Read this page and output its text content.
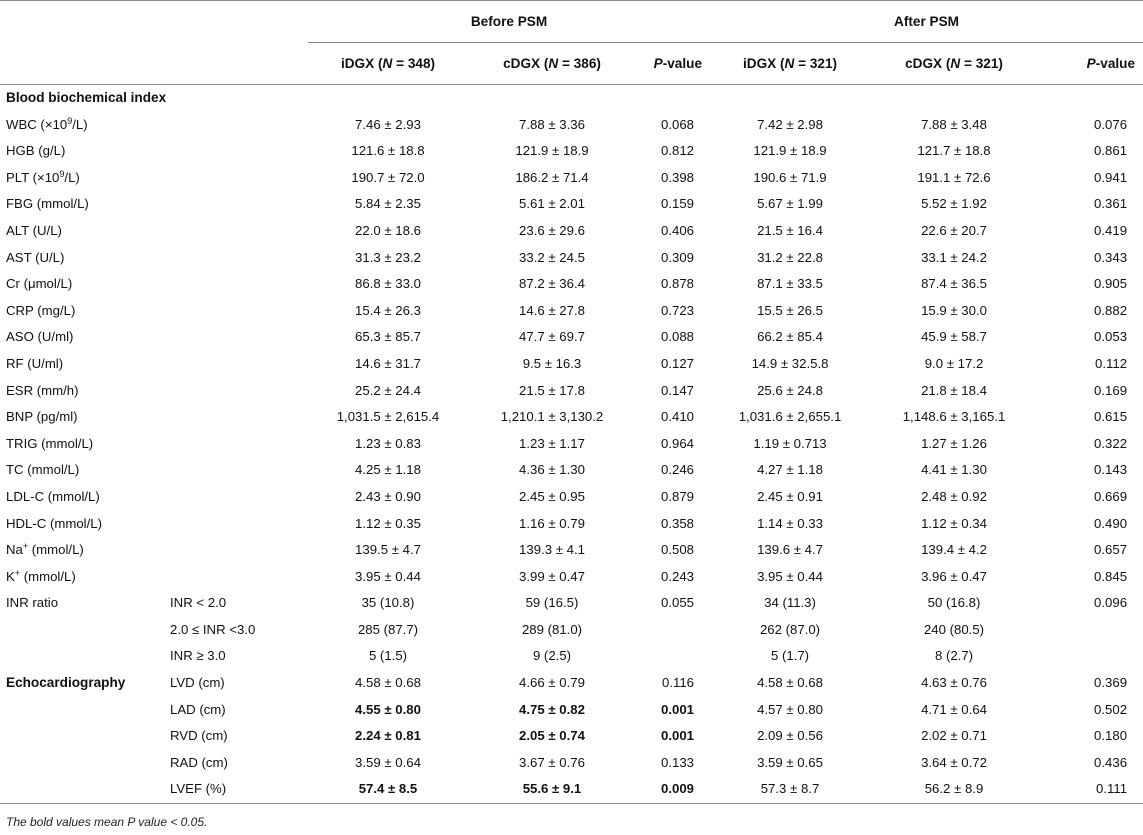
		Before PSM			After PSM		
		iDGX (N = 348)	cDGX (N = 386)	P-value	iDGX (N = 321)	cDGX (N = 321)	P-value
Blood biochemical index							
WBC $(\times 10^9/L)$		7.46 ± 2.93	7.88 ± 3.36	0.068	7.42 ± 2.98	7.88 ± 3.48	0.076
HGB (g/L)		121.6 ± 18.8	121.9 ± 18.9	0.812	121.9 ± 18.9	121.7 ± 18.8	0.861
PLT $(\times 10^9/L)$		190.7 ± 72.0	186.2 ± 71.4	0.398	190.6 ± 71.9	191.1 ± 72.6	0.941
FBG (mmol/L)		5.84 ± 2.35	5.61 ± 2.01	0.159	5.67 ± 1.99	5.52 ± 1.92	0.361
ALT (U/L)		22.0 ± 18.6	23.6 ± 29.6	0.406	21.5 ± 16.4	22.6 ± 20.7	0.419
AST (U/L)		31.3 ± 23.2	33.2 ± 24.5	0.309	31.2 ± 22.8	33.1 ± 24.2	0.343
Cr (μmol/L)		86.8 ± 33.0	87.2 ± 36.4	0.878	87.1 ± 33.5	87.4 ± 36.5	0.905
CRP (mg/L)		15.4 ± 26.3	14.6 ± 27.8	0.723	15.5 ± 26.5	15.9 ± 30.0	0.882
ASO (U/ml)		65.3 ± 85.7	47.7 ± 69.7	0.088	66.2 ± 85.4	45.9 ± 58.7	0.053
RF (U/ml)		14.6 ± 31.7	9.5 ± 16.3	0.127	14.9 ± 32.5.8	9.0 ± 17.2	0.112
ESR (mm/h)		25.2 ± 24.4	21.5 ± 17.8	0.147	25.6 ± 24.8	21.8 ± 18.4	0.169
BNP (pg/ml)		1,031.5 ± 2,615.4	1,210.1 ± 3,130.2	0.410	1,031.6 ± 2,655.1	1,148.6 ± 3,165.1	0.615
TRIG (mmol/L)		1.23 ± 0.83	1.23 ± 1.17	0.964	1.19 ± 0.713	1.27 ± 1.26	0.322
TC (mmol/L)		4.25 ± 1.18	4.36 ± 1.30	0.246	4.27 ± 1.18	4.41 ± 1.30	0.143
LDL-C (mmol/L)		2.43 ± 0.90	2.45 ± 0.95	0.879	2.45 ± 0.91	2.48 ± 0.92	0.669
HDL-C (mmol/L)		1.12 ± 0.35	1.16 ± 0.79	0.358	1.14 ± 0.33	1.12 ± 0.34	0.490
Na+ (mmol/L)		139.5 ± 4.7	139.3 ± 4.1	0.508	139.6 ± 4.7	139.4 ± 4.2	0.657
K+ (mmol/L)		3.95 ± 0.44	3.99 ± 0.47	0.243	3.95 ± 0.44	3.96 ± 0.47	0.845
INR ratio	INR < 2.0	35 (10.8)	59 (16.5)	0.055	34 (11.3)	50 (16.8)	0.096
	2.0 ≤ INR <3.0	285 (87.7)	289 (81.0)		262 (87.0)	240 (80.5)	
	INR ≥ 3.0	5 (1.5)	9 (2.5)		5 (1.7)	8 (2.7)	
Echocardiography	LVD (cm)	4.58 ± 0.68	4.66 ± 0.79	0.116	4.58 ± 0.68	4.63 ± 0.76	0.369
	LAD (cm)	4.55 ± 0.80	4.75 ± 0.82	0.001	4.57 ± 0.80	4.71 ± 0.64	0.502
	RVD (cm)	2.24 ± 0.81	2.05 ± 0.74	0.001	2.09 ± 0.56	2.02 ± 0.71	0.180
	RAD (cm)	3.59 ± 0.64	3.67 ± 0.76	0.133	3.59 ± 0.65	3.64 ± 0.72	0.436
	LVEF (%)	57.4 ± 8.5	55.6 ± 9.1	0.009	57.3 ± 8.7	56.2 ± 8.9	0.111
The bold values mean P value < 0.05.
